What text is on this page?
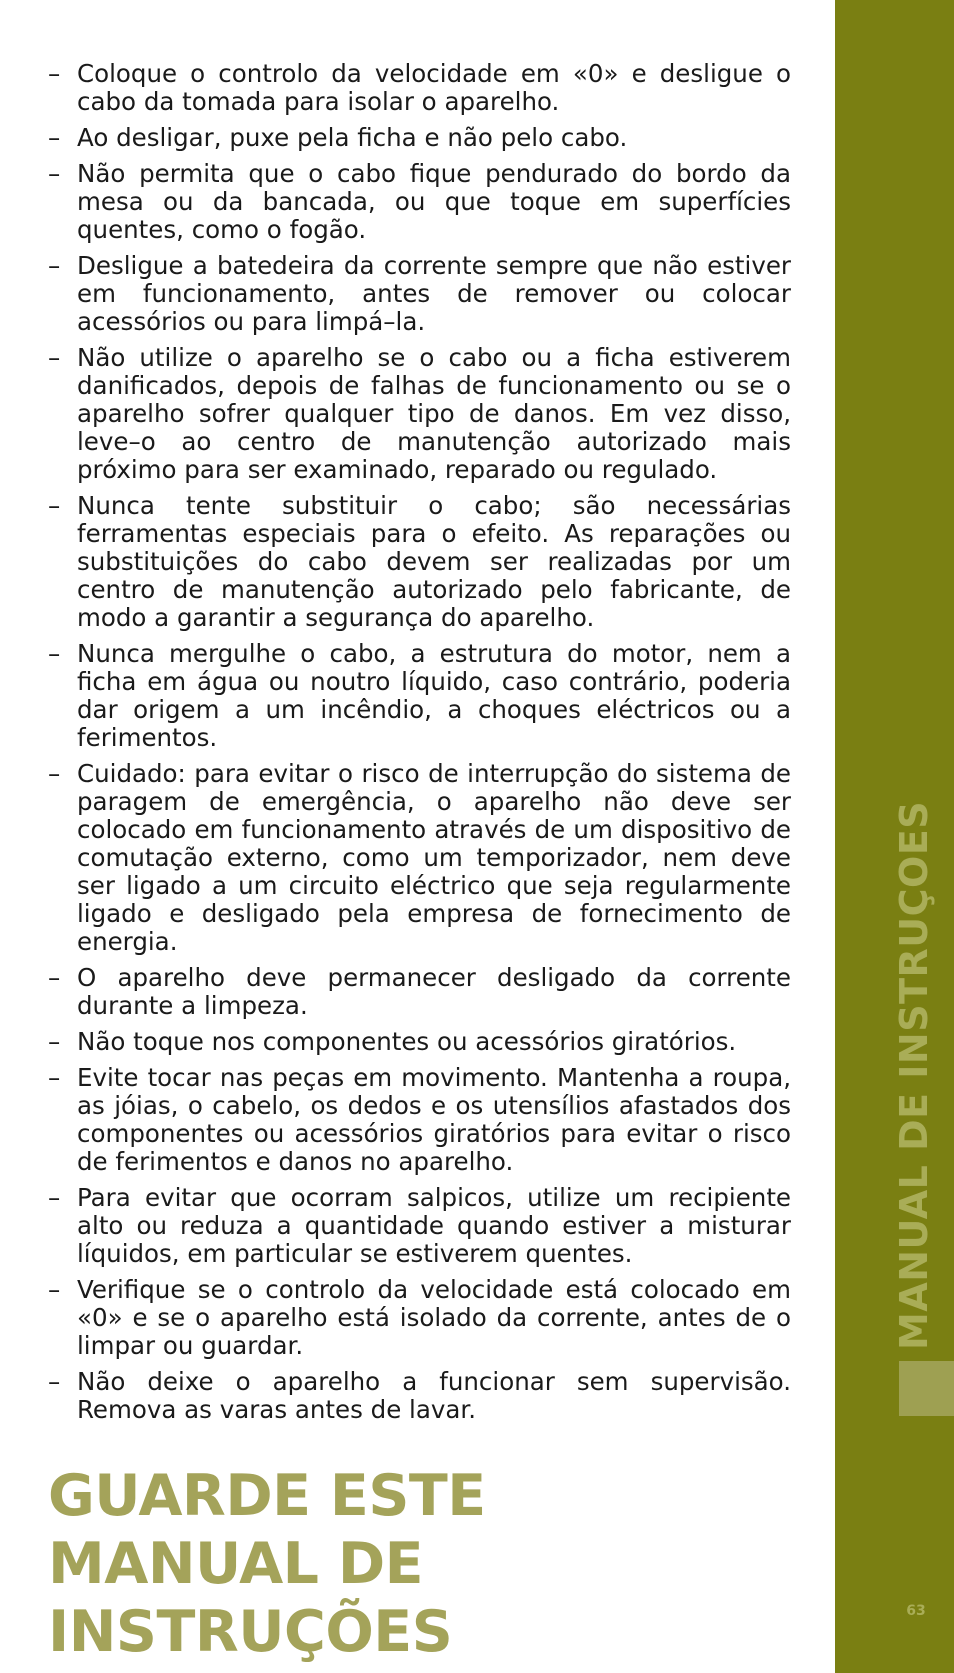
– Coloque o controlo da velocidade em «0» e desligue o cabo da tomada para isolar o aparelho.
– Ao desligar, puxe pela ficha e não pelo cabo.
– Não permita que o cabo fique pendurado do bordo da mesa ou da bancada, ou que toque em superfícies quentes, como o fogão.
– Desligue a batedeira da corrente sempre que não estiver em funcionamento, antes de remover ou colocar acessórios ou para limpá–la.
– Não utilize o aparelho se o cabo ou a ficha estiverem danificados, depois de falhas de funcionamento ou se o aparelho sofrer qualquer tipo de danos. Em vez disso, leve–o ao centro de manutenção autorizado mais próximo para ser examinado, reparado ou regulado.
– Nunca tente substituir o cabo; são necessárias ferramentas especiais para o efeito. As reparações ou substituições do cabo devem ser realizadas por um centro de manutenção autorizado pelo fabricante, de modo a garantir a segurança do aparelho.
– Nunca mergulhe o cabo, a estrutura do motor, nem a ficha em água ou noutro líquido, caso contrário, poderia dar origem a um incêndio, a choques eléctricos ou a ferimentos.
– Cuidado: para evitar o risco de interrupção do sistema de paragem de emergência, o aparelho não deve ser colocado em funcionamento através de um dispositivo de comutação externo, como um temporizador, nem deve ser ligado a um circuito eléctrico que seja regularmente ligado e desligado pela empresa de fornecimento de energia.
– O aparelho deve permanecer desligado da corrente durante a limpeza.
– Não toque nos componentes ou acessórios giratórios.
– Evite tocar nas peças em movimento. Mantenha a roupa, as jóias, o cabelo, os dedos e os utensílios afastados dos componentes ou acessórios giratórios para evitar o risco de ferimentos e danos no aparelho.
– Para evitar que ocorram salpicos, utilize um recipiente alto ou reduza a quantidade quando estiver a misturar líquidos, em particular se estiverem quentes.
– Verifique se o controlo da velocidade está colocado em «0» e se o aparelho está isolado da corrente, antes de o limpar ou guardar.
– Não deixe o aparelho a funcionar sem supervisão. Remova as varas antes de lavar.
GUARDE ESTE MANUAL DE
INSTRUÇÕES
MANUAL DE INSTRUÇOES
63
